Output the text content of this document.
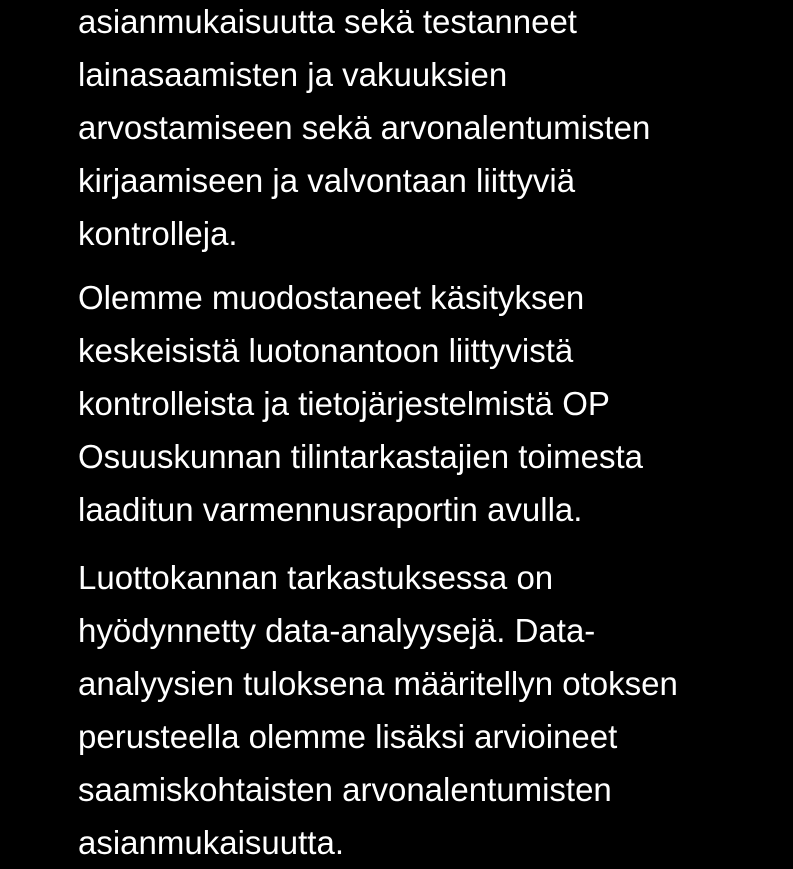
asianmukaisuutta sekä testanneet
lainasaamisten ja vakuuksien
arvostamiseen sekä arvonalentumisten
kirjaamiseen ja valvontaan liittyviä
kontrolleja.

Olemme muodostaneet käsityksen
keskeisistä luotonantoon liittyvistä
kontrolleista ja tietojärjestelmistä OP
Osuuskunnan tilintarkastajien toimesta
laaditun varmennusraportin avulla.

Luottokannan tarkastuksessa on
hyödynnetty data-analyysejä. Data-
analyysien tuloksena määritellyn otoksen
perusteella olemme lisäksi arvioineet
saamiskohtaisten arvonalentumisten
asianmukaisuutta.
